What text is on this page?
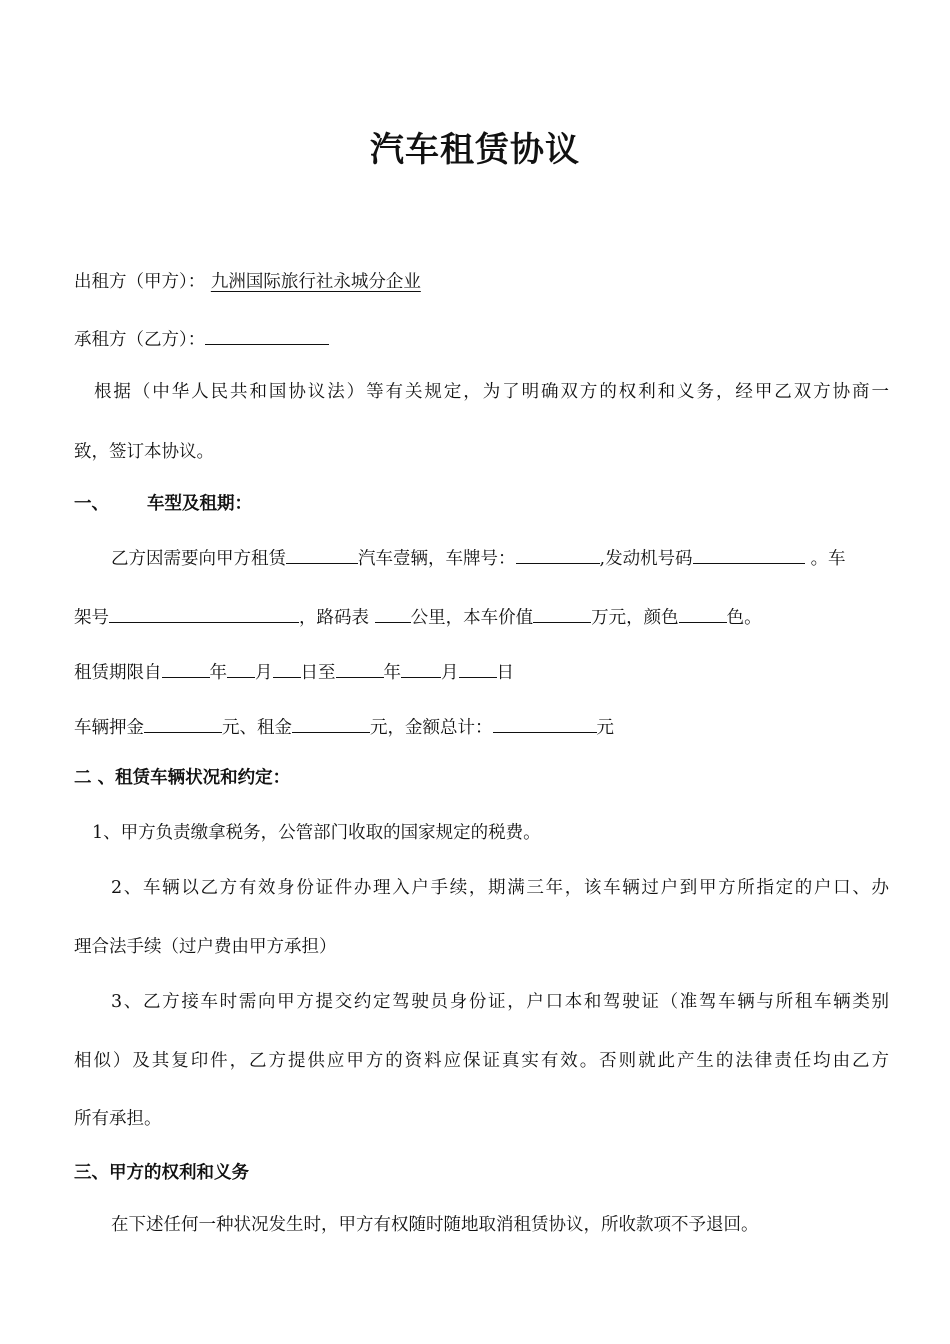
汽车租赁协议
出租方（甲方）： 九洲国际旅行社永城分企业
承租方（乙方）：
根据（中华人民共和国协议法）等有关规定，为了明确双方的权利和义务，经甲乙双方协商一
致，签订本协议。
一、 车型及租期：
乙方因需要向甲方租赁	汽车壹辆，车牌号：	,发动机号码	。车
架号	，路码表 公里，本车价值	万元，颜色	色。
租赁期限自	年 月 日至	年 月 日
车辆押金	元、租金	元，金额总计：	元
二 、租赁车辆状况和约定：
1、甲方负责缴拿税务，公管部门收取的国家规定的税费。
2、车辆以乙方有效身份证件办理入户手续，期满三年，该车辆过户到甲方所指定的户口、办
理合法手续（过户费由甲方承担）
3、乙方接车时需向甲方提交约定驾驶员身份证，户口本和驾驶证（准驾车辆与所租车辆类别
相似）及其复印件，乙方提供应甲方的资料应保证真实有效。否则就此产生的法律责任均由乙方
所有承担。
三、甲方的权利和义务
在下述任何一种状况发生时，甲方有权随时随地取消租赁协议，所收款项不予退回。
